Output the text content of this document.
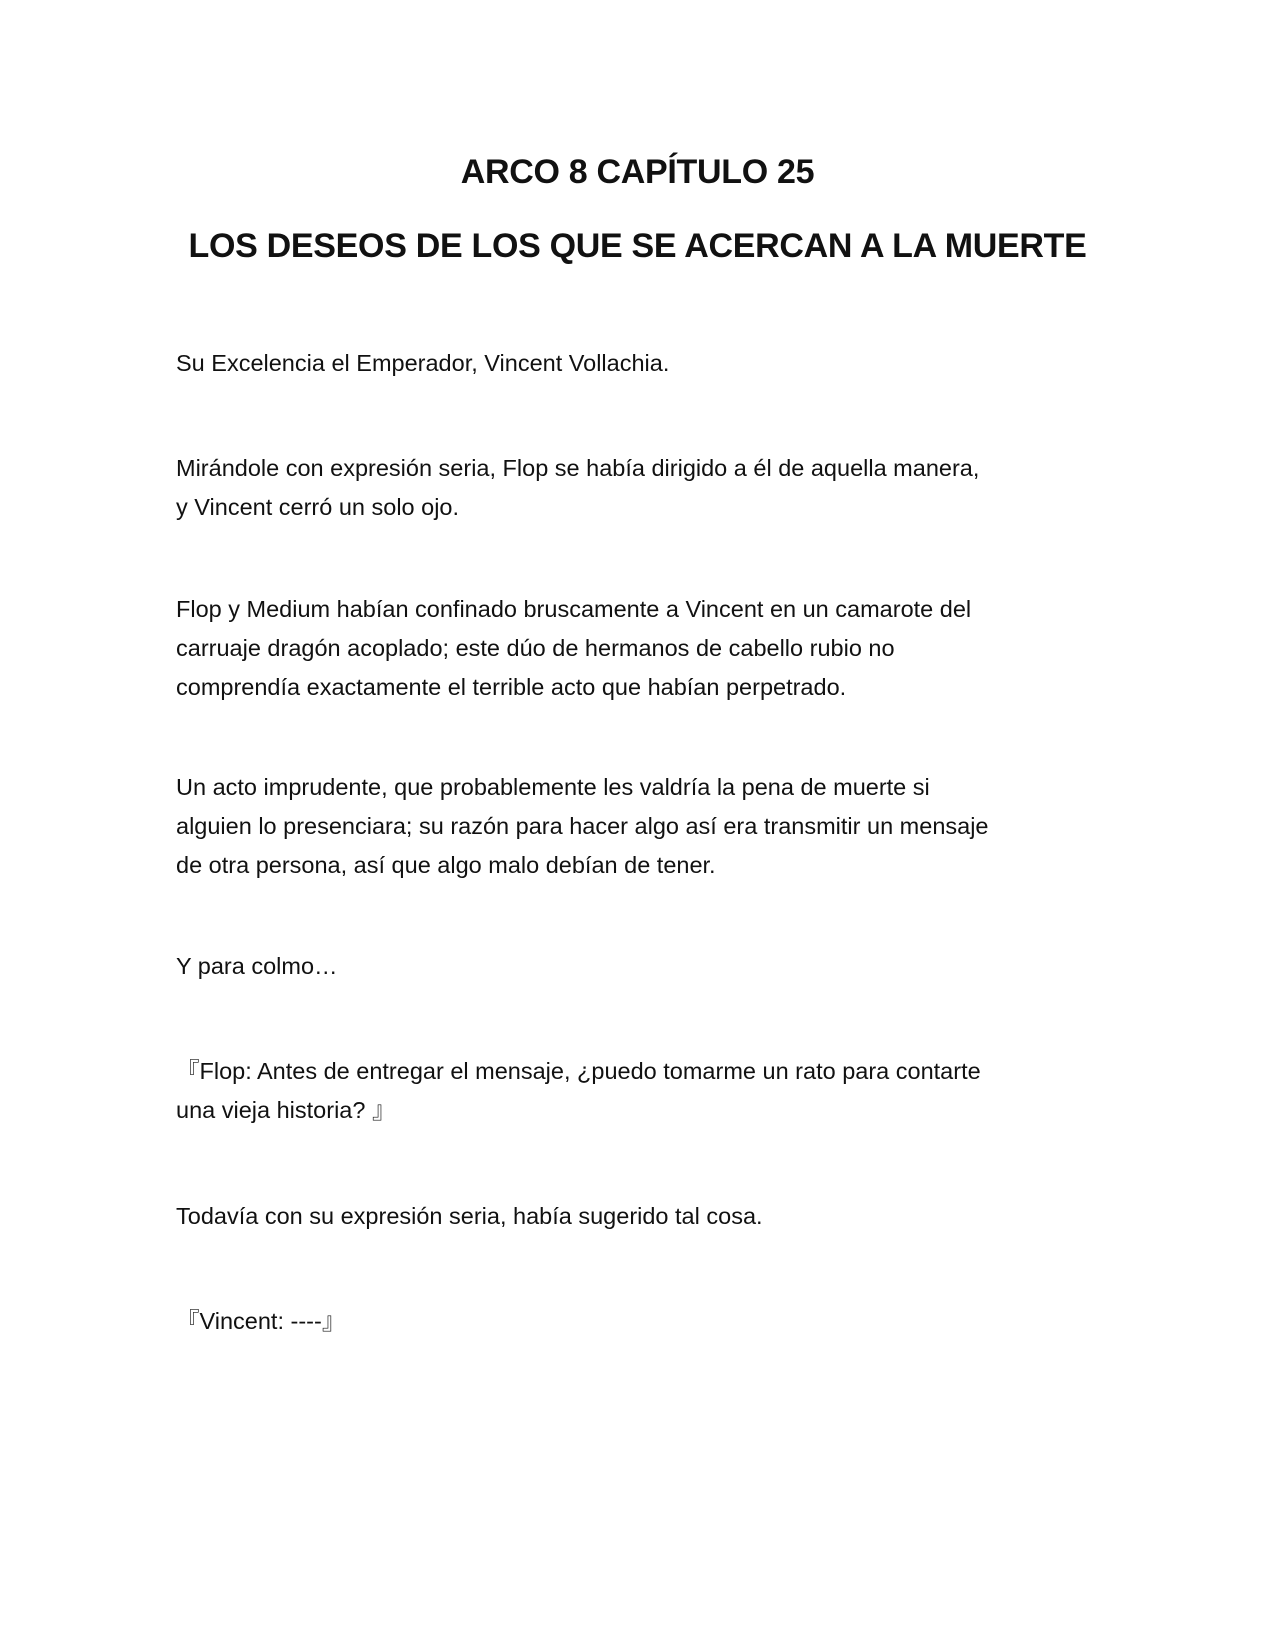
ARCO 8 CAPÍTULO 25
LOS DESEOS DE LOS QUE SE ACERCAN A LA MUERTE

Su Excelencia el Emperador, Vincent Vollachia.

Mirándole con expresión seria, Flop se había dirigido a él de aquella manera,
y Vincent cerró un solo ojo.

Flop y Medium habían confinado bruscamente a Vincent en un camarote del
carruaje dragón acoplado; este dúo de hermanos de cabello rubio no
comprendía exactamente el terrible acto que habían perpetrado.

Un acto imprudente, que probablemente les valdría la pena de muerte si
alguien lo presenciara; su razón para hacer algo así era transmitir un mensaje
de otra persona, así que algo malo debían de tener.

Y para colmo…

『Flop: Antes de entregar el mensaje, ¿puedo tomarme un rato para contarte
una vieja historia? 』

Todavía con su expresión seria, había sugerido tal cosa.

『Vincent: ----』
